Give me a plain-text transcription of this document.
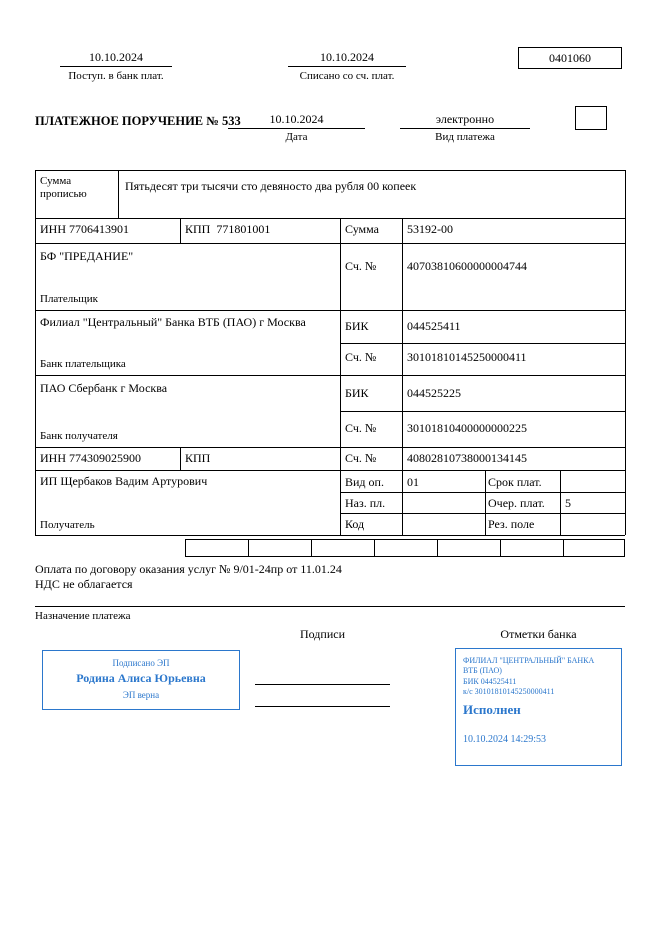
10.10.2024
Поступ. в банк плат.
10.10.2024
Списано со сч. плат.
0401060
ПЛАТЕЖНОЕ ПОРУЧЕНИЕ № 533	10.10.2024
Дата
электронно
Вид платежа
Сумма прописью
Пятьдесят три тысячи сто девяносто два рубля 00 копеек
ИНН 7706413901	КПП  771801001	Сумма 53192-00
БФ "ПРЕДАНИЕ"
Плательщик
Сч. №	40703810600000004744
Филиал "Центральный" Банка ВТБ (ПАО) г Москва
Банк плательщика
БИК	044525411
Сч. №	30101810145250000411
ПАО Сбербанк г Москва
Банк получателя
БИК	044525225
Сч. №	30101810400000000225
ИНН 774309025900	КПП	Сч. №	40802810738000134145
ИП Щербаков Вадим Артурович
Получатель
Вид оп. 01	Срок плат.
Наз. пл.	Очер. плат. 5
Код	Рез. поле
Оплата по договору оказания услуг № 9/01-24пр от 11.01.24
НДС не облагается
Назначение платежа
Подписи	Отметки банка
Подписано ЭП
Родина Алиса Юрьевна
ЭП верна
ФИЛИАЛ "ЦЕНТРАЛЬНЫЙ" БАНКА
ВТБ (ПАО)
БИК 044525411
к/с 30101810145250000411
Исполнен
10.10.2024 14:29:53
